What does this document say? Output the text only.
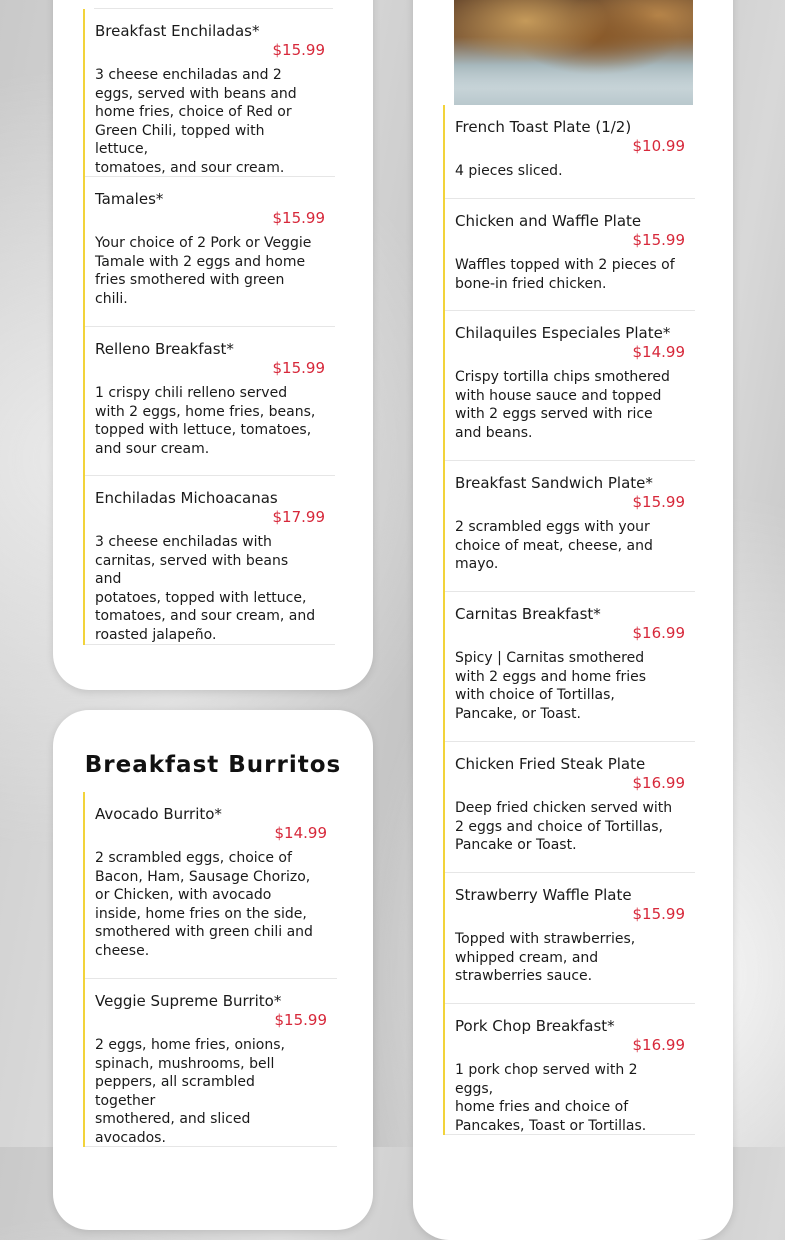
Breakfast Enchiladas*
$15.99
3 cheese enchiladas and 2
eggs, served with beans and
home fries, choice of Red or
Green Chili, topped with lettuce,
tomatoes, and sour cream.
Tamales*
$15.99
Your choice of 2 Pork or Veggie
Tamale with 2 eggs and home
fries smothered with green
chili.
Relleno Breakfast*
$15.99
1 crispy chili relleno served
with 2 eggs, home fries, beans,
topped with lettuce, tomatoes,
and sour cream.
Enchiladas Michoacanas
$17.99
3 cheese enchiladas with
carnitas, served with beans and
potatoes, topped with lettuce,
tomatoes, and sour cream, and
roasted jalapeño.
Breakfast Burritos
Avocado Burrito*
$14.99
2 scrambled eggs, choice of
Bacon, Ham, Sausage Chorizo,
or Chicken, with avocado
inside, home fries on the side,
smothered with green chili and
cheese.
Veggie Supreme Burrito*
$15.99
2 eggs, home fries, onions,
spinach, mushrooms, bell
peppers, all scrambled together
smothered, and sliced
avocados.
French Toast Plate (1/2)
$10.99
4 pieces sliced.
Chicken and Waffle Plate
$15.99
Waffles topped with 2 pieces of
bone-in fried chicken.
Chilaquiles Especiales Plate*
$14.99
Crispy tortilla chips smothered
with house sauce and topped
with 2 eggs served with rice
and beans.
Breakfast Sandwich Plate*
$15.99
2 scrambled eggs with your
choice of meat, cheese, and
mayo.
Carnitas Breakfast*
$16.99
Spicy | Carnitas smothered
with 2 eggs and home fries
with choice of Tortillas,
Pancake, or Toast.
Chicken Fried Steak Plate
$16.99
Deep fried chicken served with
2 eggs and choice of Tortillas,
Pancake or Toast.
Strawberry Waffle Plate
$15.99
Topped with strawberries,
whipped cream, and
strawberries sauce.
Pork Chop Breakfast*
$16.99
1 pork chop served with 2 eggs,
home fries and choice of
Pancakes, Toast or Tortillas.
